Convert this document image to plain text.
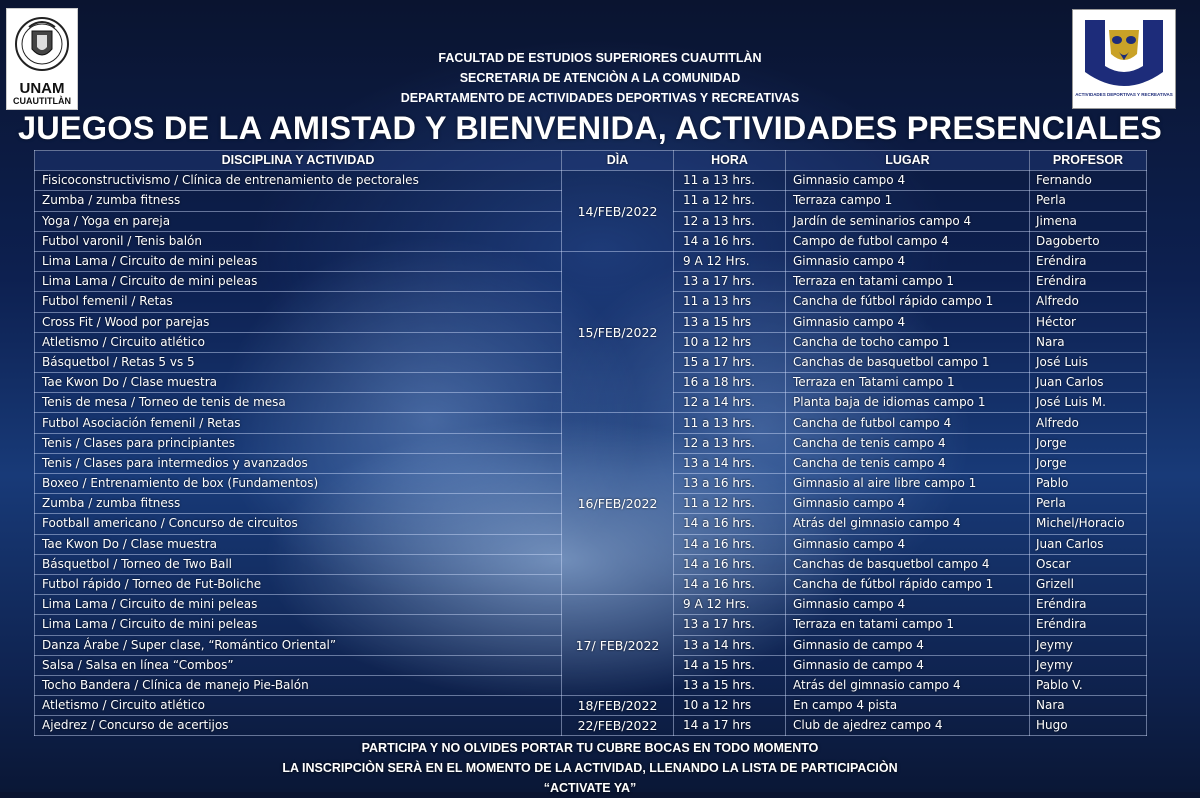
UNAM
CUAUTITLÀN
ACTIVIDADES DEPORTIVAS Y RECREATIVAS
FACULTAD DE ESTUDIOS SUPERIORES CUAUTITLÀN
SECRETARIA DE ATENCIÒN A LA COMUNIDAD
DEPARTAMENTO DE ACTIVIDADES DEPORTIVAS Y RECREATIVAS
JUEGOS DE LA AMISTAD Y BIENVENIDA, ACTIVIDADES PRESENCIALES
DISCIPLINA Y ACTIVIDAD	DÌA	HORA	LUGAR	PROFESOR
Fisicoconstructivismo / Clínica de entrenamiento de pectorales	14/FEB/2022	11 a 13 hrs.	Gimnasio campo 4	Fernando
Zumba / zumba fitness		11 a 12 hrs.	Terraza campo 1	Perla
Yoga / Yoga en pareja		12 a 13 hrs.	Jardín de seminarios campo 4	Jimena
Futbol varonil / Tenis balón		14 a 16 hrs.	Campo de futbol campo 4	Dagoberto
Lima Lama / Circuito de mini peleas	15/FEB/2022	9 A 12 Hrs.	Gimnasio campo 4	Eréndira
Lima Lama / Circuito de mini peleas		13 a 17 hrs.	Terraza en tatami campo 1	Eréndira
Futbol femenil / Retas		11 a 13 hrs	Cancha de fútbol rápido campo 1	Alfredo
Cross Fit / Wood por parejas		13 a 15 hrs	Gimnasio campo 4	Héctor
Atletismo / Circuito atlético		10 a 12 hrs	Cancha de tocho campo 1	Nara
Básquetbol / Retas 5 vs 5		15 a 17 hrs.	Canchas de basquetbol campo 1	José Luis
Tae Kwon Do / Clase muestra		16 a 18 hrs.	Terraza en Tatami campo 1	Juan Carlos
Tenis de mesa / Torneo de tenis de mesa		12 a 14 hrs.	Planta baja de idiomas campo 1	José Luis M.
Futbol Asociación femenil / Retas	16/FEB/2022	11 a 13 hrs.	Cancha de futbol campo 4	Alfredo
Tenis / Clases para principiantes		12 a 13 hrs.	Cancha de tenis campo 4	Jorge
Tenis / Clases para intermedios y avanzados		13 a 14 hrs.	Cancha de tenis campo 4	Jorge
Boxeo / Entrenamiento de box (Fundamentos)		13 a 16 hrs.	Gimnasio al aire libre campo 1	Pablo
Zumba / zumba fitness		11 a 12 hrs.	Gimnasio campo 4	Perla
Football americano / Concurso de circuitos		14 a 16 hrs.	Atrás del gimnasio campo 4	Michel/Horacio
Tae Kwon Do / Clase muestra		14 a 16 hrs.	Gimnasio campo 4	Juan Carlos
Básquetbol / Torneo de Two Ball		14 a 16 hrs.	Canchas de basquetbol campo 4	Oscar
Futbol rápido / Torneo de Fut-Boliche		14 a 16 hrs.	Cancha de fútbol rápido campo 1	Grizell
Lima Lama / Circuito de mini peleas	17/ FEB/2022	9 A 12 Hrs.	Gimnasio campo 4	Eréndira
Lima Lama / Circuito de mini peleas		13 a 17 hrs.	Terraza en tatami campo 1	Eréndira
Danza Árabe / Super clase, “Romántico Oriental”		13 a 14 hrs.	Gimnasio de campo 4	Jeymy
Salsa / Salsa en línea “Combos”		14 a 15 hrs.	Gimnasio de campo 4	Jeymy
Tocho Bandera / Clínica de manejo Pie-Balón		13 a 15 hrs.	Atrás del gimnasio campo 4	Pablo V.
Atletismo / Circuito atlético	18/FEB/2022	10 a 12 hrs	En campo 4 pista	Nara
Ajedrez / Concurso de acertijos	22/FEB/2022	14 a 17 hrs	Club de ajedrez campo 4	Hugo
PARTICIPA Y NO OLVIDES PORTAR TU CUBRE BOCAS EN TODO MOMENTO
LA INSCRIPCIÒN SERÀ EN EL MOMENTO DE LA ACTIVIDAD, LLENANDO LA LISTA DE PARTICIPACIÒN
“ACTIVATE YA”
